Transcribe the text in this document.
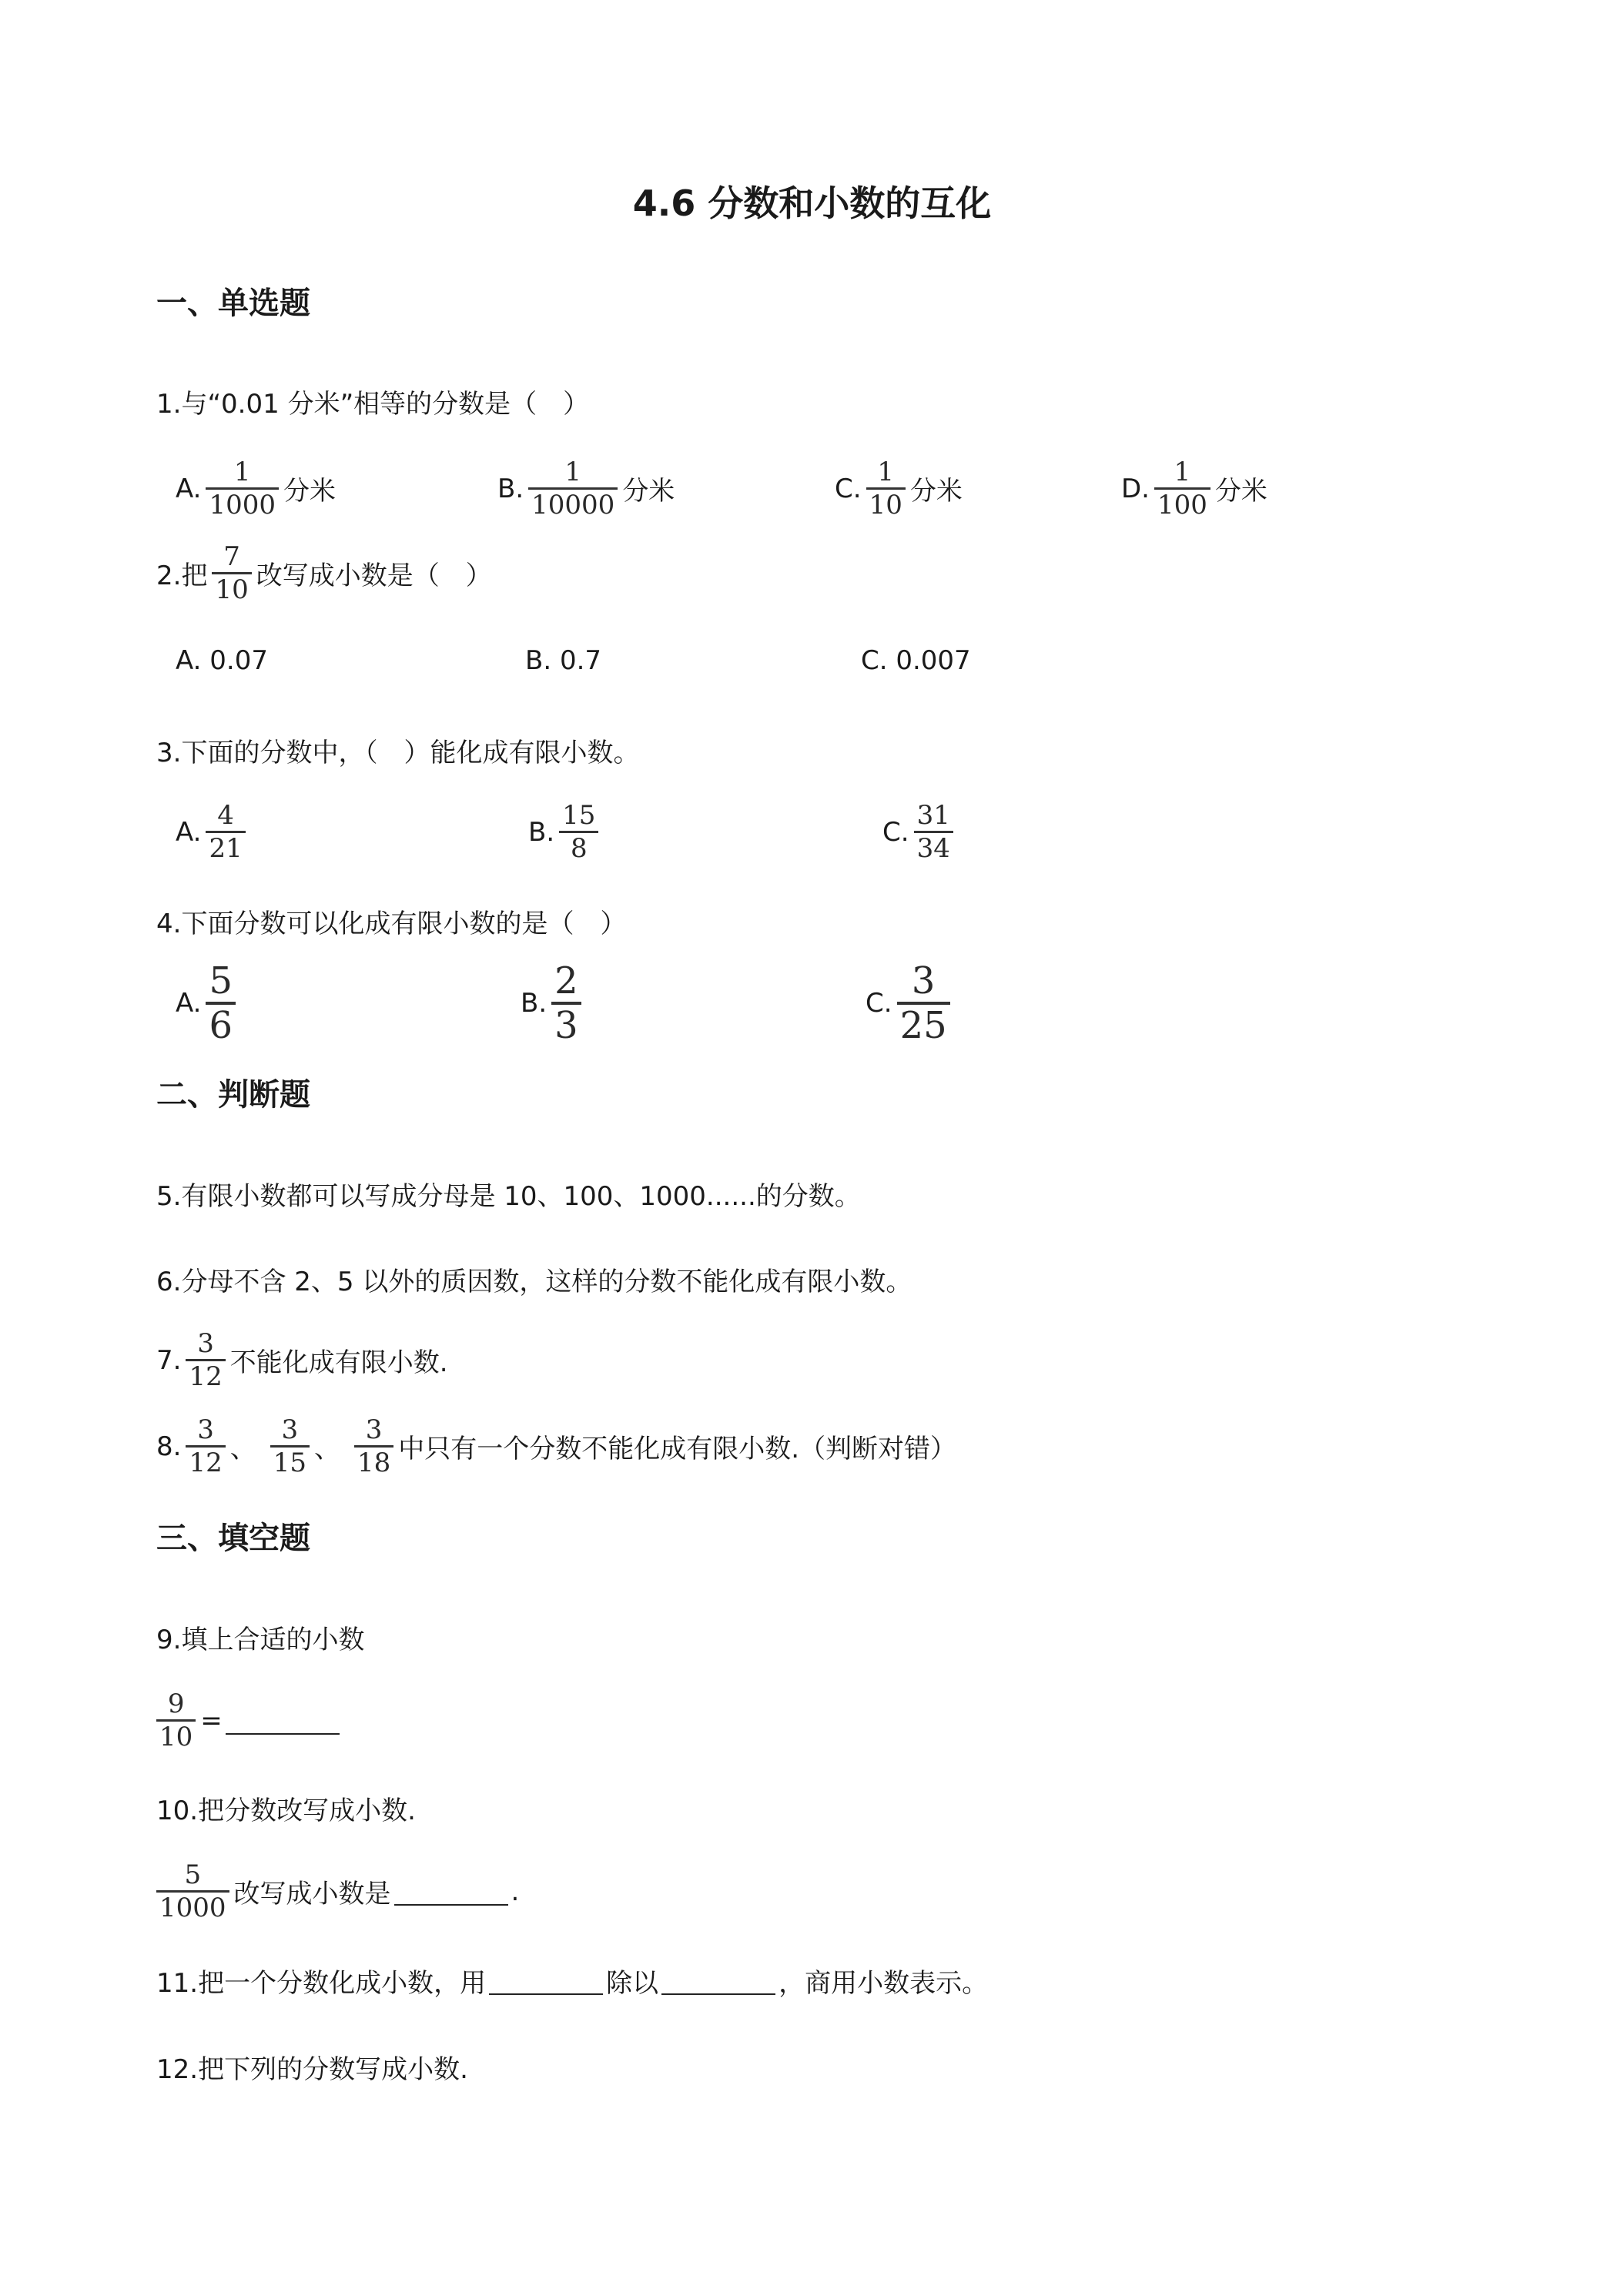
4.6 分数和小数的互化
一、单选题
1.与“0.01 分米”相等的分数是（　）
A. $\frac{1}{1000}$ 分米	B. $\frac{1}{10000}$ 分米	C. $\frac{1}{10}$ 分米	D. $\frac{1}{100}$ 分米
2.把 $\frac{7}{10}$ 改写成小数是（　）
A. 0.07	B. 0.7	C. 0.007
3.下面的分数中，（　）能化成有限小数。
A. $\frac{4}{21}$	B. $\frac{15}{8}$	C. $\frac{31}{34}$
4.下面分数可以化成有限小数的是（　）
A. $\frac{5}{6}$	B. $\frac{2}{3}$	C. $\frac{3}{25}$
二、判断题
5.有限小数都可以写成分母是 10、100、1000......的分数。
6.分母不含 2、5 以外的质因数，这样的分数不能化成有限小数。
7. $\frac{3}{12}$ 不能化成有限小数.
8. $\frac{3}{12}$ 、 $\frac{3}{15}$ 、 $\frac{3}{18}$ 中只有一个分数不能化成有限小数.（判断对错）
三、填空题
9.填上合适的小数
$\frac{9}{10}$ =
10.把分数改写成小数.
$\frac{5}{1000}$ 改写成小数是	.
11.把一个分数化成小数，用	除以	，商用小数表示。
12.把下列的分数写成小数.
